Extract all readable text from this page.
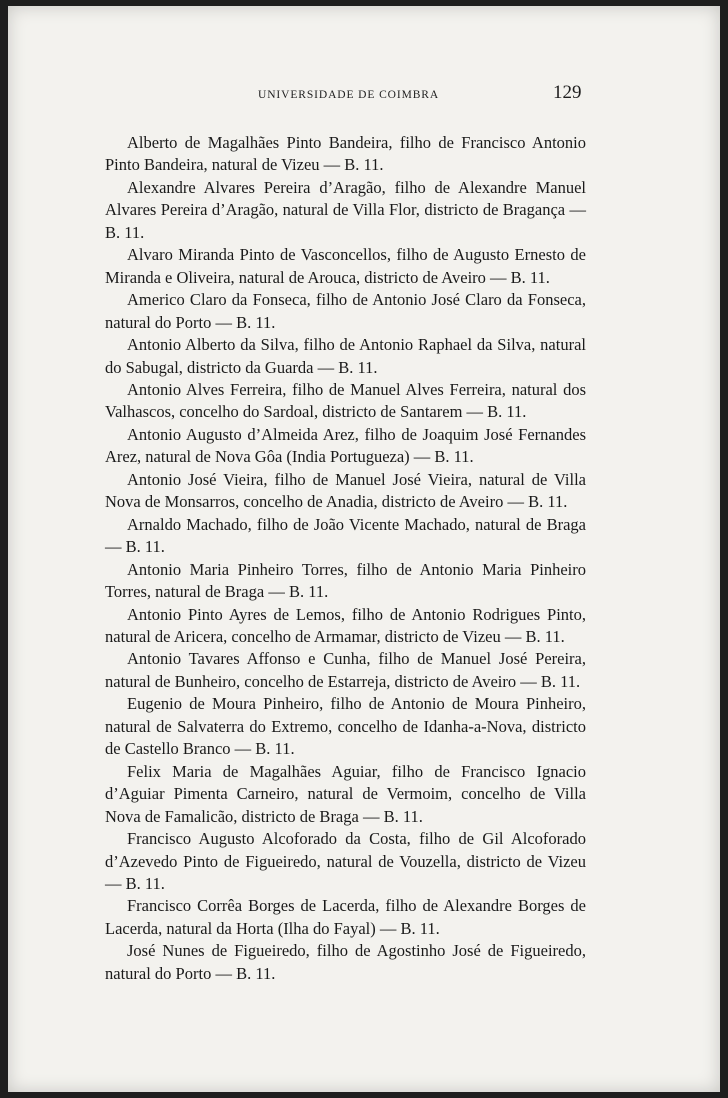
UNIVERSIDADE DE COIMBRA	129

Alberto de Magalhães Pinto Bandeira, filho de Francisco Antonio Pinto Bandeira, natural de Vizeu — B. 11.

Alexandre Alvares Pereira d’Aragão, filho de Alexandre Manuel Alvares Pereira d’Aragão, natural de Villa Flor, districto de Bragança — B. 11.

Alvaro Miranda Pinto de Vasconcellos, filho de Augusto Ernesto de Miranda e Oliveira, natural de Arouca, districto de Aveiro — B. 11.

Americo Claro da Fonseca, filho de Antonio José Claro da Fonseca, natural do Porto — B. 11.

Antonio Alberto da Silva, filho de Antonio Raphael da Silva, natural do Sabugal, districto da Guarda — B. 11.

Antonio Alves Ferreira, filho de Manuel Alves Ferreira, natural dos Valhascos, concelho do Sardoal, districto de Santarem — B. 11.

Antonio Augusto d’Almeida Arez, filho de Joaquim José Fernandes Arez, natural de Nova Gôa (India Portugueza) — B. 11.

Antonio José Vieira, filho de Manuel José Vieira, natural de Villa Nova de Monsarros, concelho de Anadia, districto de Aveiro — B. 11.

Arnaldo Machado, filho de João Vicente Machado, natural de Braga — B. 11.

Antonio Maria Pinheiro Torres, filho de Antonio Maria Pinheiro Torres, natural de Braga — B. 11.

Antonio Pinto Ayres de Lemos, filho de Antonio Rodrigues Pinto, natural de Aricera, concelho de Armamar, districto de Vizeu — B. 11.

Antonio Tavares Affonso e Cunha, filho de Manuel José Pereira, natural de Bunheiro, concelho de Estarreja, districto de Aveiro — B. 11.

Eugenio de Moura Pinheiro, filho de Antonio de Moura Pinheiro, natural de Salvaterra do Extremo, concelho de Idanha-a-Nova, districto de Castello Branco — B. 11.

Felix Maria de Magalhães Aguiar, filho de Francisco Ignacio d’Aguiar Pimenta Carneiro, natural de Vermoim, concelho de Villa Nova de Famalicão, districto de Braga — B. 11.

Francisco Augusto Alcoforado da Costa, filho de Gil Alcoforado d’Azevedo Pinto de Figueiredo, natural de Vouzella, districto de Vizeu — B. 11.

Francisco Corrêa Borges de Lacerda, filho de Alexandre Borges de Lacerda, natural da Horta (Ilha do Fayal) — B. 11.

José Nunes de Figueiredo, filho de Agostinho José de Figueiredo, natural do Porto — B. 11.
